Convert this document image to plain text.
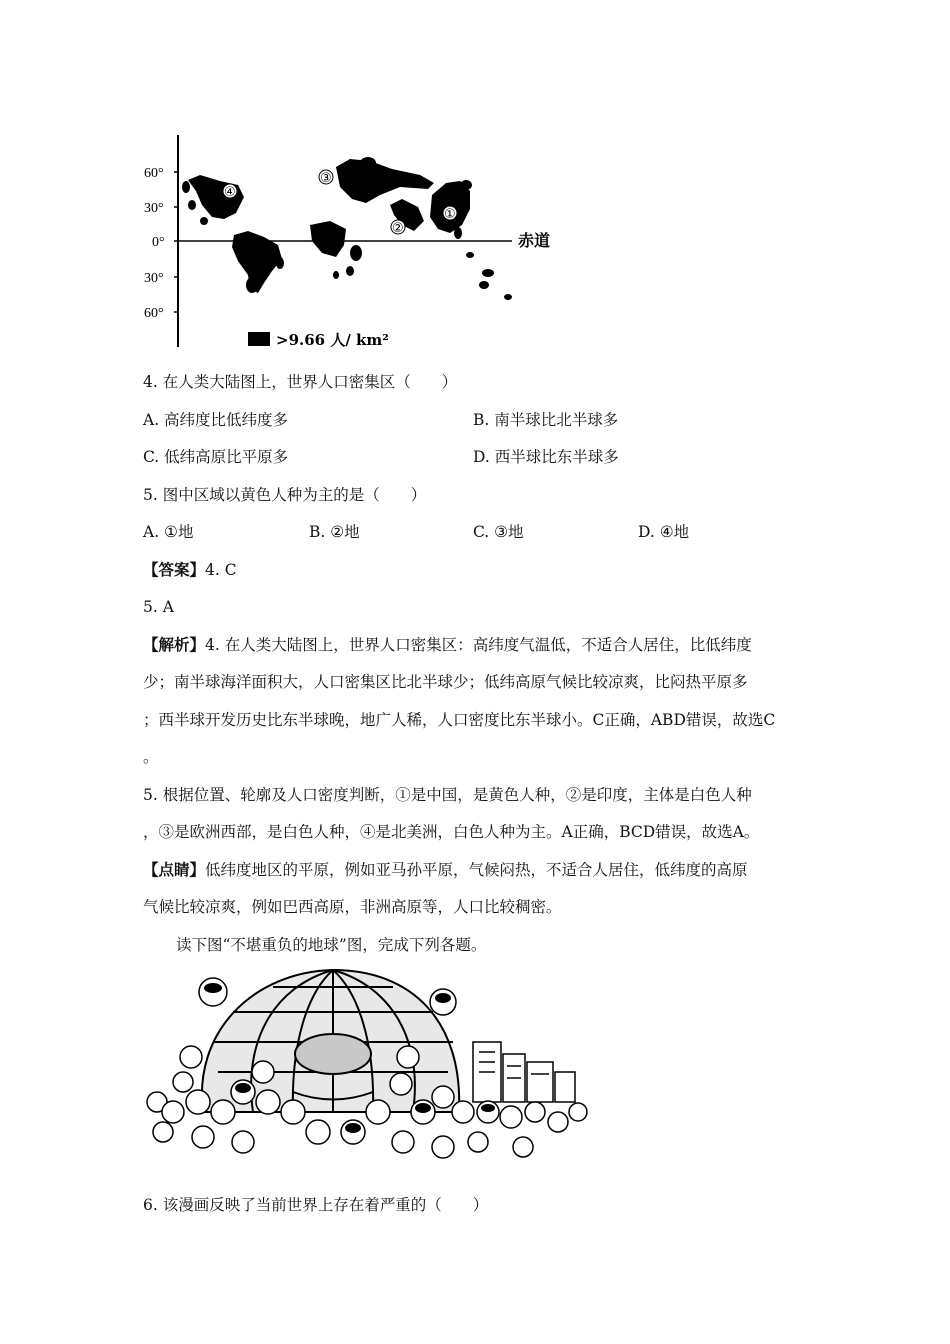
60°
30°
0°
30°
60°
赤道
④
③
②
①
>9.66 人/ km²
4. 在人类大陆图上，世界人口密集区（　　）
A. 高纬度比低纬度多	B. 南半球比北半球多
C. 低纬高原比平原多	D. 西半球比东半球多
5. 图中区域以黄色人种为主的是（　　）
A. ①地	B. ②地	C. ③地	D. ④地
【答案】4. C
5. A
【解析】4. 在人类大陆图上，世界人口密集区：高纬度气温低，不适合人居住，比低纬度
少；南半球海洋面积大，人口密集区比北半球少；低纬高原气候比较凉爽，比闷热平原多
；西半球开发历史比东半球晚，地广人稀，人口密度比东半球小。C正确，ABD错误，故选C
。
5. 根据位置、轮廓及人口密度判断，①是中国，是黄色人种，②是印度，主体是白色人种
，③是欧洲西部，是白色人种，④是北美洲，白色人种为主。A正确，BCD错误，故选A。
【点睛】低纬度地区的平原，例如亚马孙平原，气候闷热，不适合人居住，低纬度的高原
气候比较凉爽，例如巴西高原，非洲高原等，人口比较稠密。
读下图“不堪重负的地球”图，完成下列各题。
6. 该漫画反映了当前世界上存在着严重的（　　）
